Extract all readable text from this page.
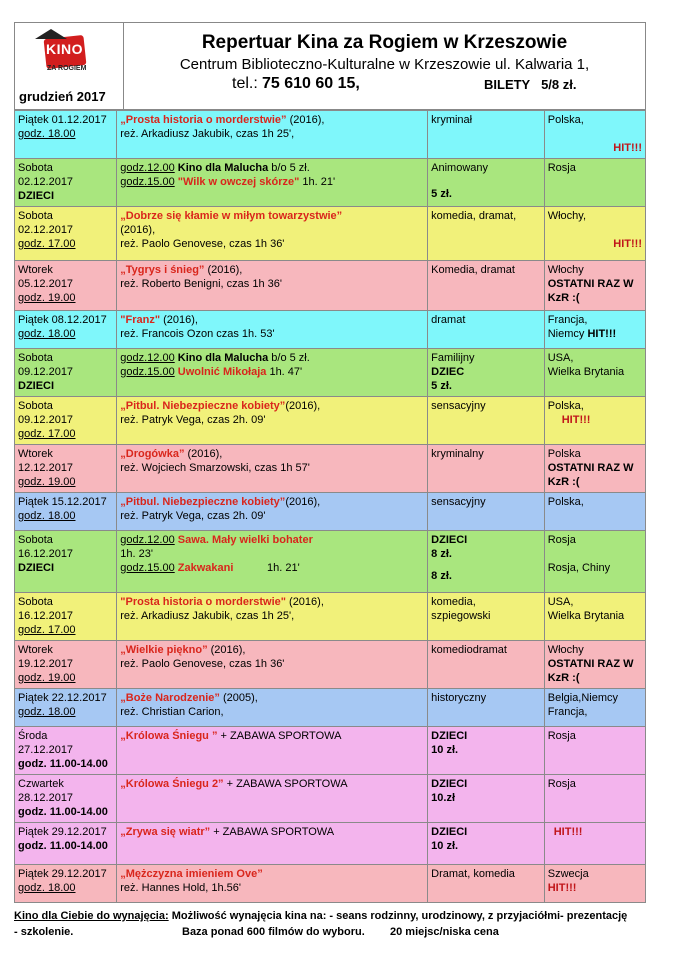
KINO
ZA ROGIEM
grudzień 2017

Repertuar Kina za Rogiem w Krzeszowie
Centrum Biblioteczno-Kulturalne w Krzeszowie ul. Kalwaria 1,
tel.: 75 610 60 15,	BILETY 5/8 zł.
Piątek 01.12.2017
godz. 18.00	„Prosta historia o morderstwie” (2016),
reż. Arkadiusz Jakubik, czas 1h 25',	kryminał	Polska,
HIT!!!

Sobota
02.12.2017
DZIECI	godz.12.00 Kino dla Malucha b/o 5 zł.
godz.15.00 "Wilk w owczej skórze" 1h. 21'	Animowany
5 zł.	Rosja

Sobota
02.12.2017
godz. 17.00	„Dobrze się kłamie w miłym towarzystwie”
(2016),
reż. Paolo Genovese, czas 1h 36'	komedia, dramat,	Włochy,
HIT!!!

Wtorek
05.12.2017
godz. 19.00	„Tygrys i śnieg” (2016),
reż. Roberto Benigni, czas 1h 36'	Komedia, dramat	Włochy
OSTATNI RAZ W
KzR :(

Piątek 08.12.2017
godz. 18.00	"Franz" (2016),
reż. Francois Ozon czas 1h. 53'	dramat	Francja,
Niemcy HIT!!!

Sobota
09.12.2017
DZIECI	godz.12.00 Kino dla Malucha b/o 5 zł.
godz.15.00 Uwolnić Mikołaja 1h. 47'	Familijny
DZIEC
5 zł.	USA,
Wielka Brytania

Sobota
09.12.2017
godz. 17.00	„Pitbul. Niebezpieczne kobiety”(2016),
reż. Patryk Vega, czas 2h. 09'	sensacyjny	Polska,
HIT!!!

Wtorek
12.12.2017
godz. 19.00	„Drogówka” (2016),
reż. Wojciech Smarzowski, czas 1h 57'	kryminalny	Polska
OSTATNI RAZ W
KzR :(

Piątek 15.12.2017
godz. 18.00	„Pitbul. Niebezpieczne kobiety”(2016),
reż. Patryk Vega, czas 2h. 09'	sensacyjny	Polska,

Sobota
16.12.2017
DZIECI	godz.12.00 Sawa. Mały wielki bohater
1h. 23'
godz.15.00 Zakwakani           1h. 21'	DZIECI
8 zł.
8 zł.	Rosja
Rosja, Chiny

Sobota
16.12.2017
godz. 17.00	"Prosta historia o morderstwie" (2016),
reż. Arkadiusz Jakubik, czas 1h 25',	komedia,
szpiegowski	USA,
Wielka Brytania

Wtorek
19.12.2017
godz. 19.00	„Wielkie piękno” (2016),
reż. Paolo Genovese, czas 1h 36'	komediodramat	Włochy
OSTATNI RAZ W
KzR :(

Piątek 22.12.2017
godz. 18.00	„Boże Narodzenie” (2005),
reż. Christian Carion,	historyczny	Belgia,Niemcy
Francja,

Środa
27.12.2017
godz. 11.00-14.00	„Królowa Śniegu ” + ZABAWA SPORTOWA	DZIECI
10 zł.	Rosja

Czwartek
28.12.2017
godz. 11.00-14.00	„Królowa Śniegu 2” + ZABAWA SPORTOWA	DZIECI
10.zł	Rosja

Piątek 29.12.2017
godz. 11.00-14.00	„Zrywa się wiatr” + ZABAWA SPORTOWA	DZIECI
10 zł.	HIT!!!

Piątek 29.12.2017
godz. 18.00	„Mężczyzna imieniem Ove”
reż. Hannes Hold, 1h.56'	Dramat, komedia	Szwecja
HIT!!!
Kino dla Ciebie do wynajęcia: Możliwość wynajęcia kina na: - seans rodzinny, urodzinowy, z przyjaciółmi- prezentację
- szkolenie.	Baza ponad 600 filmów do wyboru. 20 miejsc/niska cena
